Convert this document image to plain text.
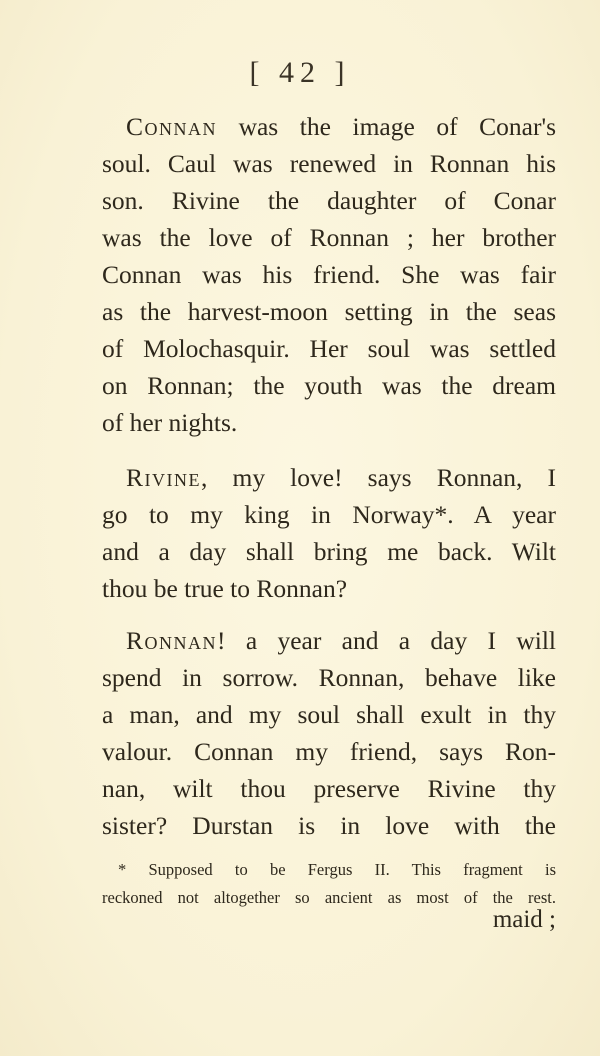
[ 42 ]
Connan was the image of Conar's
soul. Caul was renewed in Ronnan his
son. Rivine the daughter of Conar
was the love of Ronnan ; her brother
Connan was his friend. She was fair
as the harvest-moon setting in the seas
of Molochasquir. Her soul was settled
on Ronnan; the youth was the dream
of her nights.
Rivine, my love! says Ronnan, I
go to my king in Norway*. A year
and a day shall bring me back. Wilt
thou be true to Ronnan?
Ronnan! a year and a day I will
spend in sorrow. Ronnan, behave like
a man, and my soul shall exult in thy
valour. Connan my friend, says Ron-
nan, wilt thou preserve Rivine thy
sister? Durstan is in love with the
* Supposed to be Fergus II. This fragment is
reckoned not altogether so ancient as most of the rest.
maid ;
